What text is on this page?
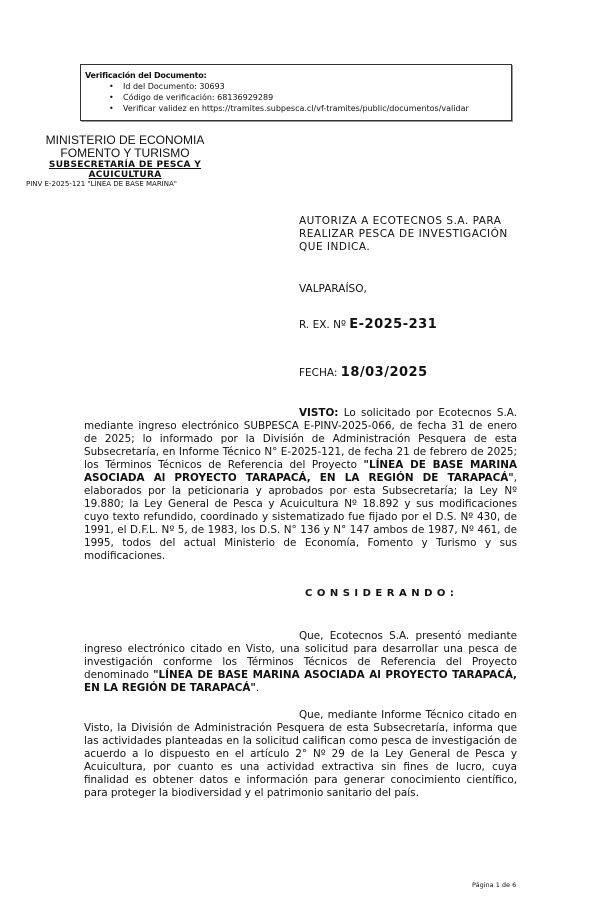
Verificación del Documento:
• Id del Documento: 30693
• Código de verificación: 68136929289
• Verificar validez en https://tramites.subpesca.cl/vf-tramites/public/documentos/validar
MINISTERIO DE ECONOMIA
FOMENTO Y TURISMO
SUBSECRETARÍA DE PESCA Y
ACUICULTURA
PINV E-2025-121 "LÍNEA DE BASE MARINA"
AUTORIZA A ECOTECNOS S.A. PARA
REALIZAR PESCA DE INVESTIGACIÓN
QUE INDICA.
VALPARAÍSO,
R. EX. Nº E-2025-231
FECHA: 18/03/2025
VISTO: Lo solicitado por Ecotecnos S.A. mediante ingreso electrónico SUBPESCA E-PINV-2025-066, de fecha 31 de enero de 2025; lo informado por la División de Administración Pesquera de esta Subsecretaría, en Informe Técnico N° E-2025-121, de fecha 21 de febrero de 2025; los Términos Técnicos de Referencia del Proyecto "LÍNEA DE BASE MARINA ASOCIADA Al PROYECTO TARAPACÁ, EN LA REGIÓN DE TARAPACÁ", elaborados por la peticionaria y aprobados por esta Subsecretaría; la Ley Nº 19.880; la Ley General de Pesca y Acuicultura Nº 18.892 y sus modificaciones cuyo texto refundido, coordinado y sistematizado fue fijado por el D.S. Nº 430, de 1991, el D.F.L. Nº 5, de 1983, los D.S. N° 136 y N° 147 ambos de 1987, Nº 461, de 1995, todos del actual Ministerio de Economía, Fomento y Turismo y sus modificaciones.
CONSIDERANDO:
Que, Ecotecnos S.A. presentó mediante ingreso electrónico citado en Visto, una solicitud para desarrollar una pesca de investigación conforme los Términos Técnicos de Referencia del Proyecto denominado "LÍNEA DE BASE MARINA ASOCIADA Al PROYECTO TARAPACÁ, EN LA REGIÓN DE TARAPACÁ".
Que, mediante Informe Técnico citado en Visto, la División de Administración Pesquera de esta Subsecretaría, informa que las actividades planteadas en la solicitud califican como pesca de investigación de acuerdo a lo dispuesto en el artículo 2° Nº 29 de la Ley General de Pesca y Acuicultura, por cuanto es una actividad extractiva sin fines de lucro, cuya finalidad es obtener datos e información para generar conocimiento científico, para proteger la biodiversidad y el patrimonio sanitario del país.
Página 1 de 6
